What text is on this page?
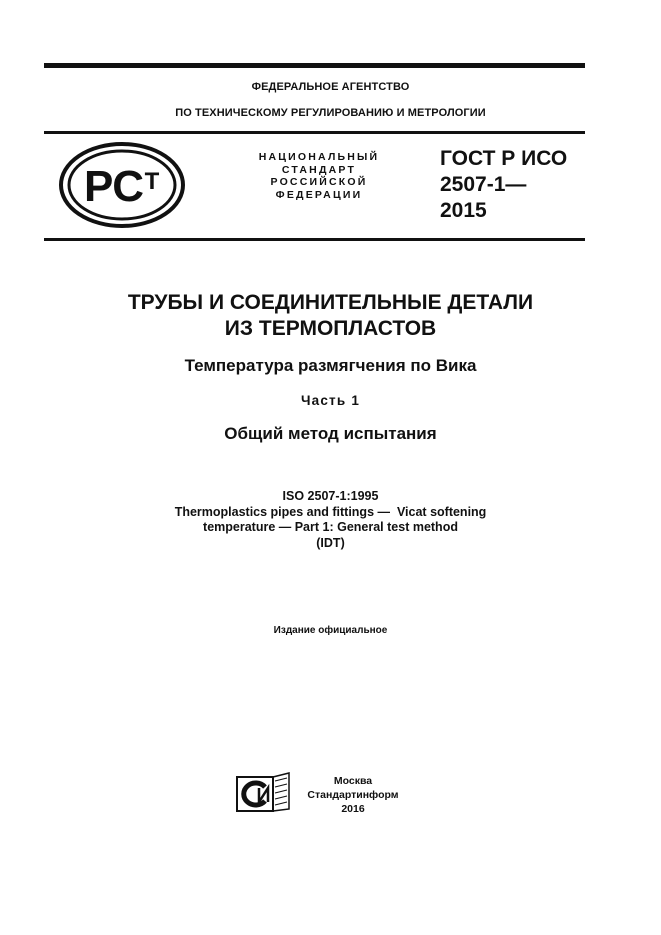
ФЕДЕРАЛЬНОЕ АГЕНТСТВО
ПО ТЕХНИЧЕСКОМУ РЕГУЛИРОВАНИЮ И МЕТРОЛОГИИ
РС Т
НАЦИОНАЛЬНЫЙ
СТАНДАРТ
РОССИЙСКОЙ
ФЕДЕРАЦИИ
ГОСТ Р ИСО
2507-1—
2015
ТРУБЫ И СОЕДИНИТЕЛЬНЫЕ ДЕТАЛИ
ИЗ ТЕРМОПЛАСТОВ
Температура размягчения по Вика
Часть 1
Общий метод испытания
ISO 2507-1:1995
Thermoplastics pipes and fittings —  Vicat softening
temperature — Part 1: General test method
(IDT)
Издание официальное
Москва
Стандартинформ
2016
